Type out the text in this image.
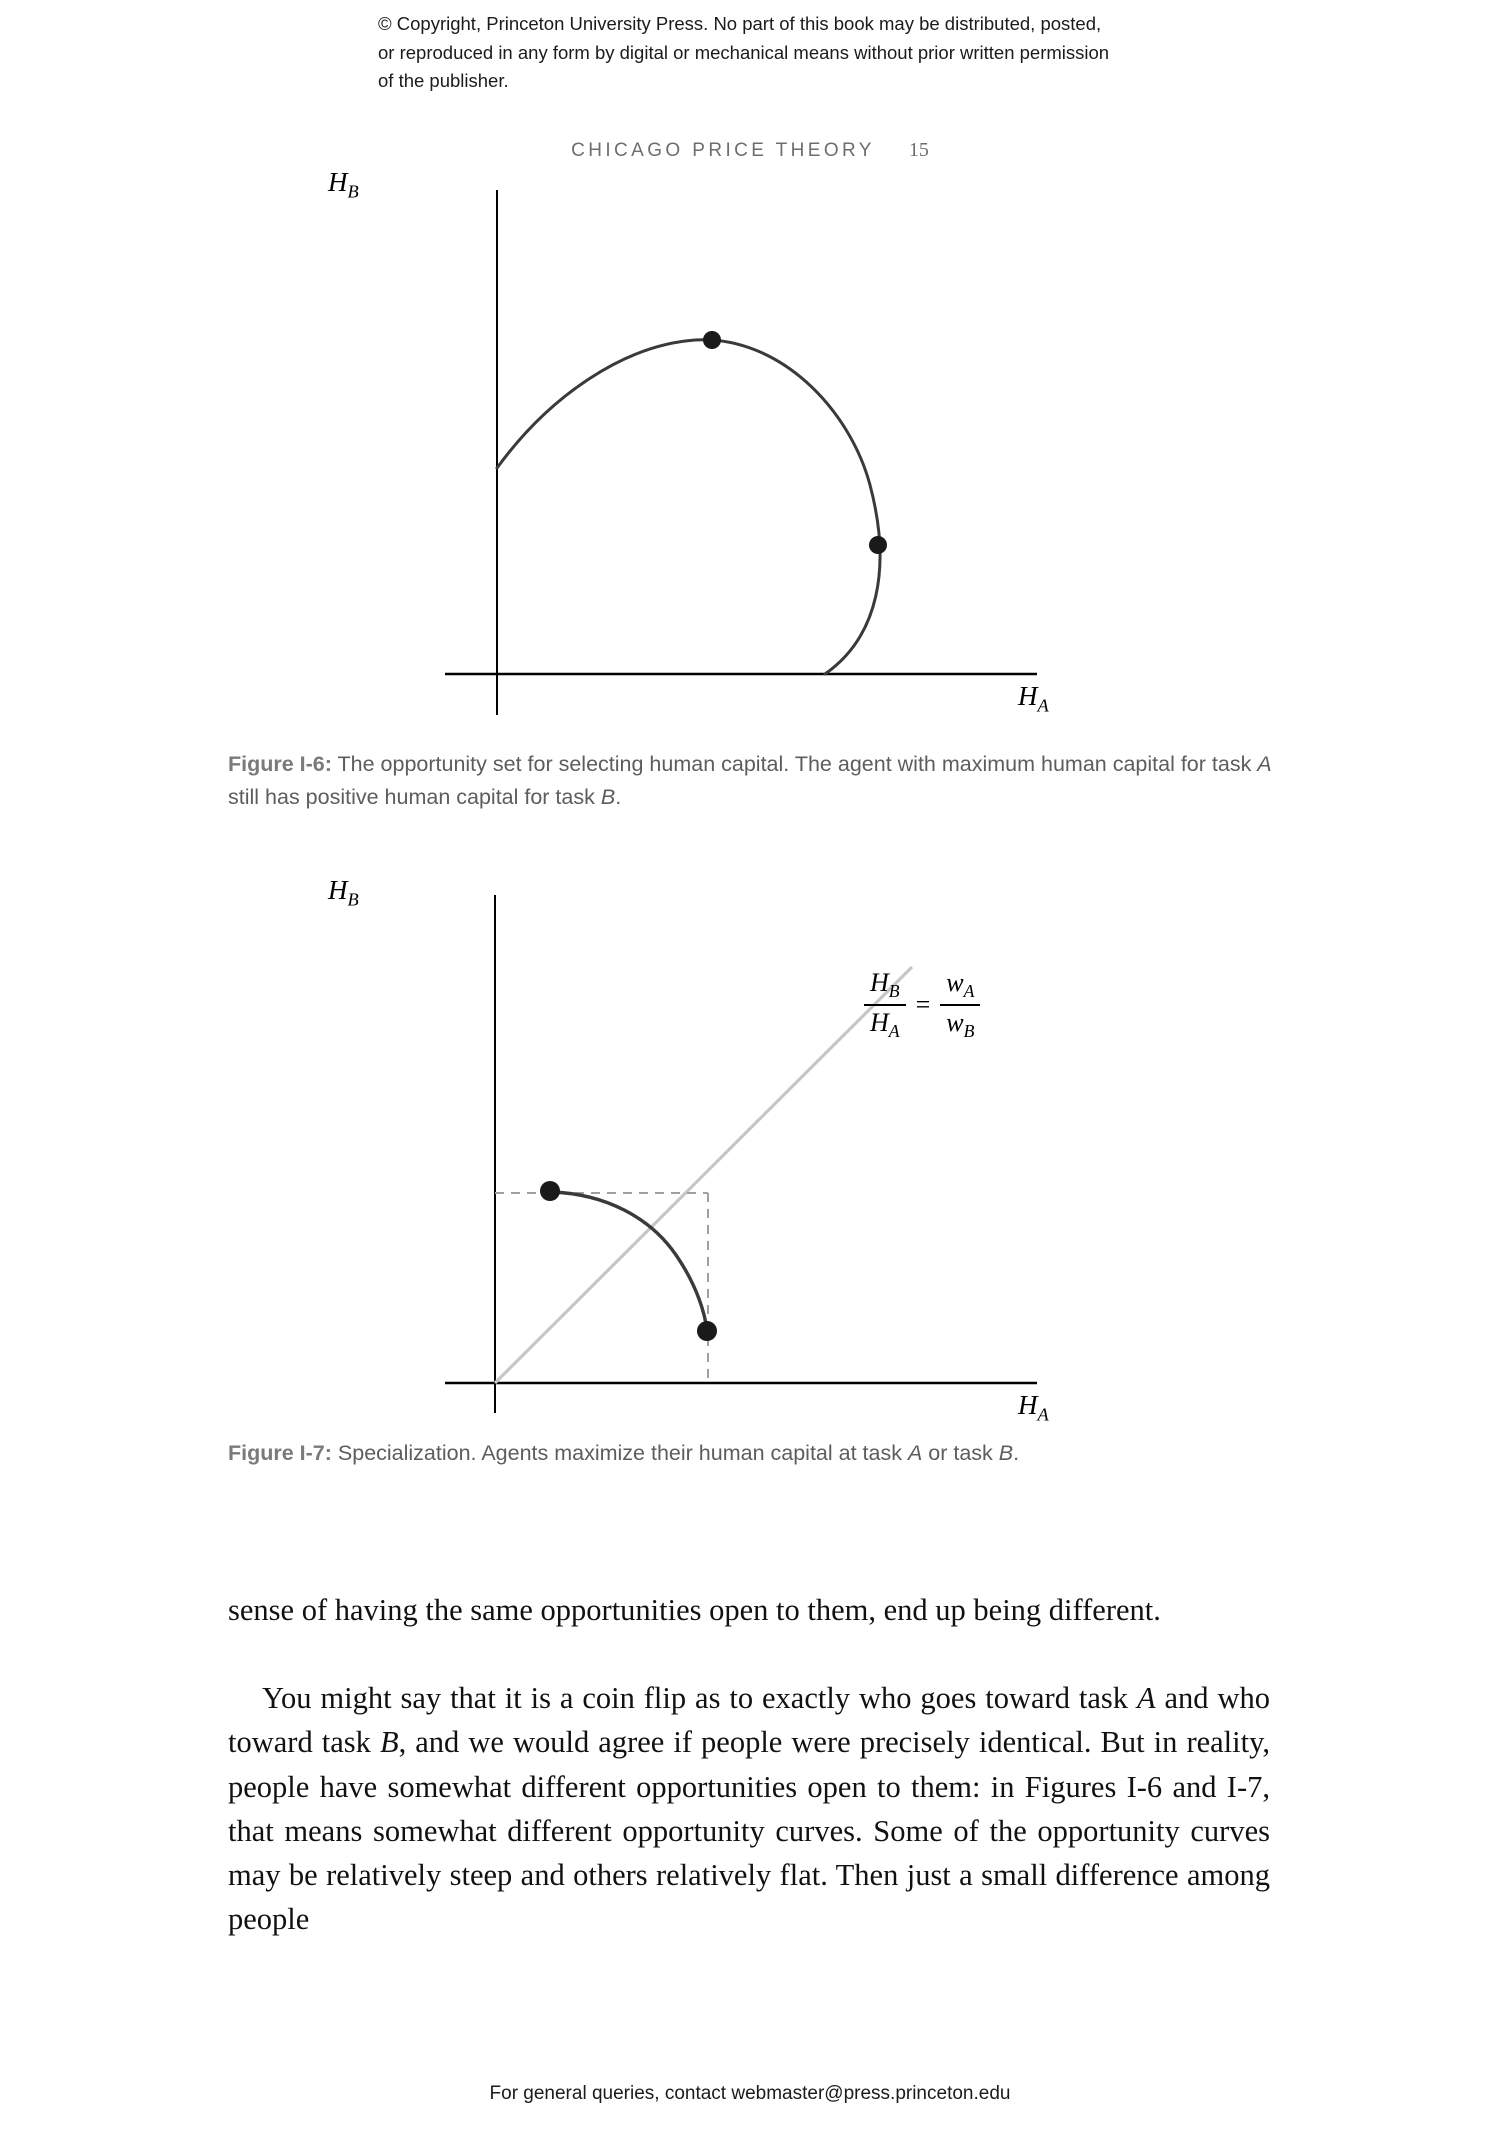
© Copyright, Princeton University Press. No part of this book may be distributed, posted, or reproduced in any form by digital or mechanical means without prior written permission of the publisher.
CHICAGO PRICE THEORY 15
$H_B$
$H_A$
Figure I-6: The opportunity set for selecting human capital. The agent with maximum human capital for task A still has positive human capital for task B.
$H_B$
$H_A$
$\frac{H_B}{H_A} = \frac{w_A}{w_B}$
Figure I-7: Specialization. Agents maximize their human capital at task A or task B.
sense of having the same opportunities open to them, end up being different.
You might say that it is a coin flip as to exactly who goes toward task A and who toward task B, and we would agree if people were precisely identical. But in reality, people have somewhat different opportunities open to them: in Figures I-6 and I-7, that means somewhat different opportunity curves. Some of the opportunity curves may be relatively steep and others relatively flat. Then just a small difference among people
For general queries, contact webmaster@press.princeton.edu
